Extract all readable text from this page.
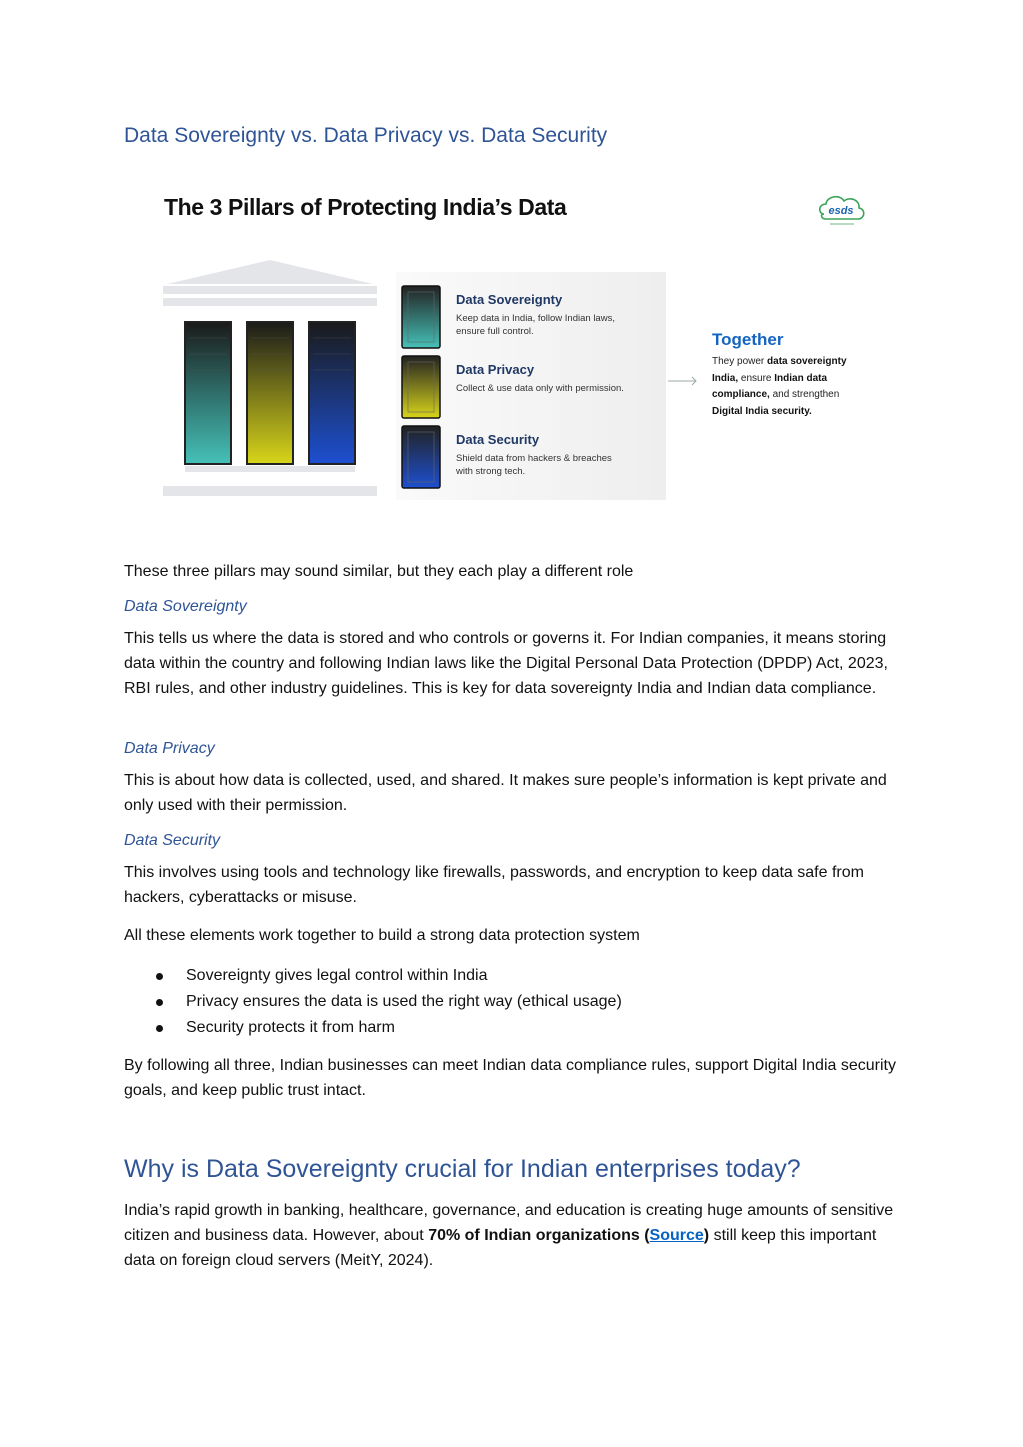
Data Sovereignty vs. Data Privacy vs. Data Security
The 3 Pillars of Protecting India’s Data	esds
Data Sovereignty
Keep data in India, follow Indian laws, ensure full control.
Data Privacy
Collect & use data only with permission.
Data Security
Shield data from hackers & breaches with strong tech.
Together
They power data sovereignty India, ensure Indian data compliance, and strengthen Digital India security.
These three pillars may sound similar, but they each play a different role
Data Sovereignty
This tells us where the data is stored and who controls or governs it. For Indian companies, it means storing data within the country and following Indian laws like the Digital Personal Data Protection (DPDP) Act, 2023, RBI rules, and other industry guidelines. This is key for data sovereignty India and Indian data compliance.
Data Privacy
This is about how data is collected, used, and shared. It makes sure people’s information is kept private and only used with their permission.
Data Security
This involves using tools and technology like firewalls, passwords, and encryption to keep data safe from hackers, cyberattacks or misuse.
All these elements work together to build a strong data protection system
Sovereignty gives legal control within India
Privacy ensures the data is used the right way (ethical usage)
Security protects it from harm
By following all three, Indian businesses can meet Indian data compliance rules, support Digital India security goals, and keep public trust intact.
Why is Data Sovereignty crucial for Indian enterprises today?
India’s rapid growth in banking, healthcare, governance, and education is creating huge amounts of sensitive citizen and business data. However, about 70% of Indian organizations (Source) still keep this important data on foreign cloud servers (MeitY, 2024).
